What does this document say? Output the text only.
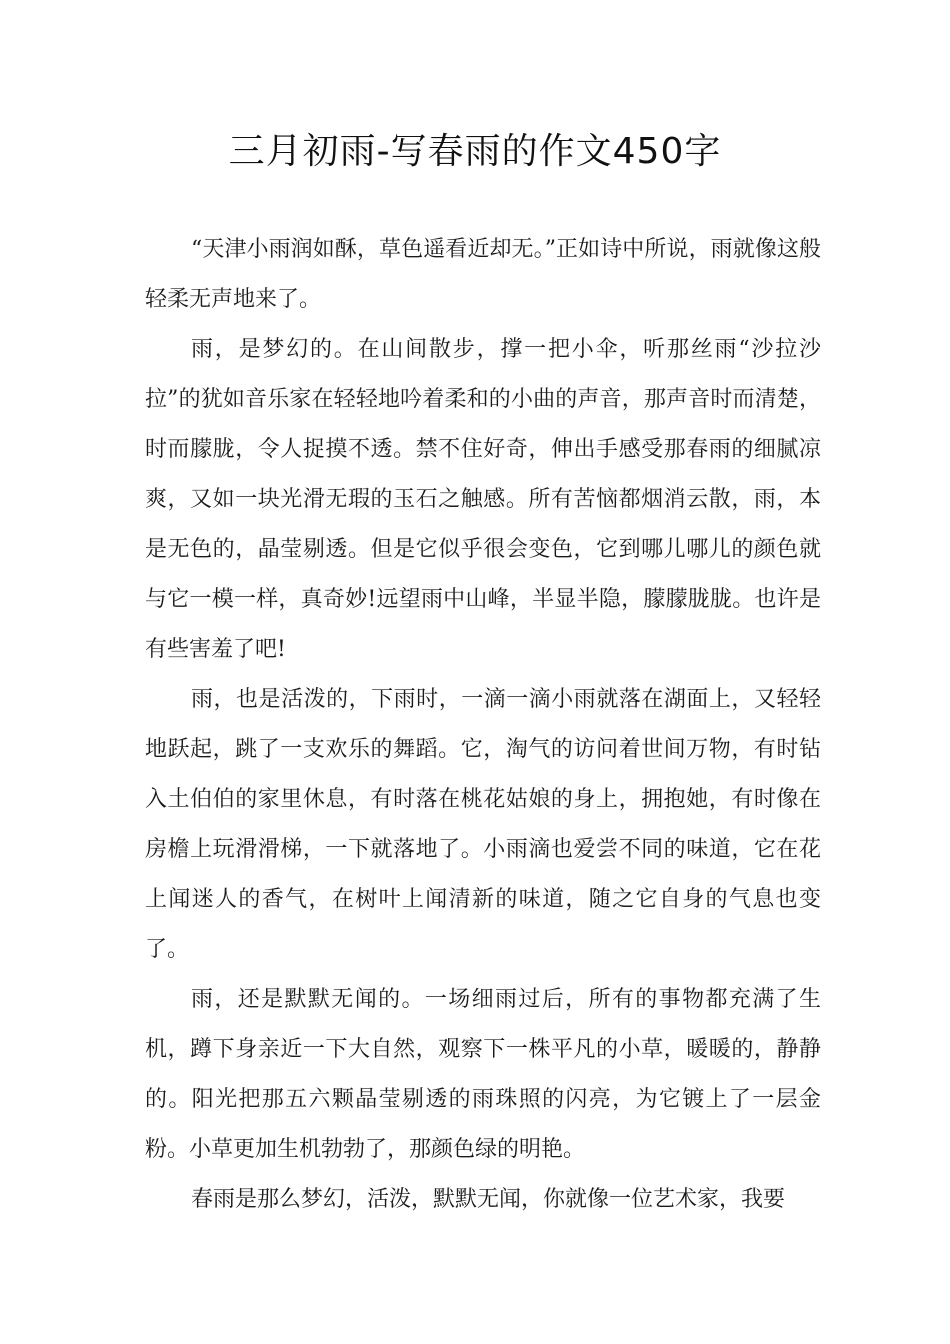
三月初雨-写春雨的作文450字

“天津小雨润如酥，草色遥看近却无。”正如诗中所说，雨就像这般轻柔无声地来了。

雨，是梦幻的。在山间散步，撑一把小伞，听那丝雨“沙拉沙拉”的犹如音乐家在轻轻地吟着柔和的小曲的声音，那声音时而清楚，时而朦胧，令人捉摸不透。禁不住好奇，伸出手感受那春雨的细腻凉爽，又如一块光滑无瑕的玉石之触感。所有苦恼都烟消云散，雨，本是无色的，晶莹剔透。但是它似乎很会变色，它到哪儿哪儿的颜色就与它一模一样，真奇妙!远望雨中山峰，半显半隐，朦朦胧胧。也许是有些害羞了吧!

雨，也是活泼的，下雨时，一滴一滴小雨就落在湖面上，又轻轻地跃起，跳了一支欢乐的舞蹈。它，淘气的访问着世间万物，有时钻入土伯伯的家里休息，有时落在桃花姑娘的身上，拥抱她，有时像在房檐上玩滑滑梯，一下就落地了。小雨滴也爱尝不同的味道，它在花上闻迷人的香气，在树叶上闻清新的味道，随之它自身的气息也变了。

雨，还是默默无闻的。一场细雨过后，所有的事物都充满了生机，蹲下身亲近一下大自然，观察下一株平凡的小草，暖暖的，静静的。阳光把那五六颗晶莹剔透的雨珠照的闪亮，为它镀上了一层金粉。小草更加生机勃勃了，那颜色绿的明艳。

春雨是那么梦幻，活泼，默默无闻，你就像一位艺术家，我要
